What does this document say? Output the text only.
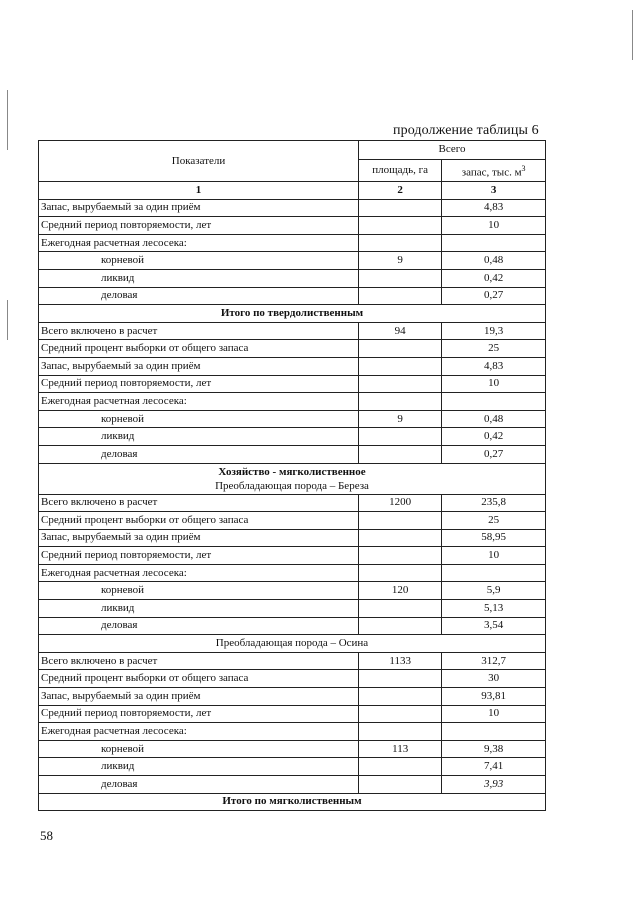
продолжение таблицы 6
Показатели	Всего	
	площадь, га	запас, тыс. $м^3$
1	2	3
Запас, вырубаемый за один приём		4,83
Средний период повторяемости, лет		10
Ежегодная расчетная лесосека:		
корневой	9	0,48
ликвид		0,42
деловая		0,27
Итого по твердолиственным		
Всего включено в расчет	94	19,3
Средний процент выборки от общего запаса		25
Запас, вырубаемый за один приём		4,83
Средний период повторяемости, лет		10
Ежегодная расчетная лесосека:		
корневой	9	0,48
ликвид		0,42
деловая		0,27
Хозяйство - мягколиственное
Преобладающая порода – Береза		
Всего включено в расчет	1200	235,8
Средний процент выборки от общего запаса		25
Запас, вырубаемый за один приём		58,95
Средний период повторяемости, лет		10
Ежегодная расчетная лесосека:		
корневой	120	5,9
ликвид		5,13
деловая		3,54
Преобладающая порода – Осина		
Всего включено в расчет	1133	312,7
Средний процент выборки от общего запаса		30
Запас, вырубаемый за один приём		93,81
Средний период повторяемости, лет		10
Ежегодная расчетная лесосека:		
корневой	113	9,38
ликвид		7,41
деловая		3,93
Итого по мягколиственным		
58
